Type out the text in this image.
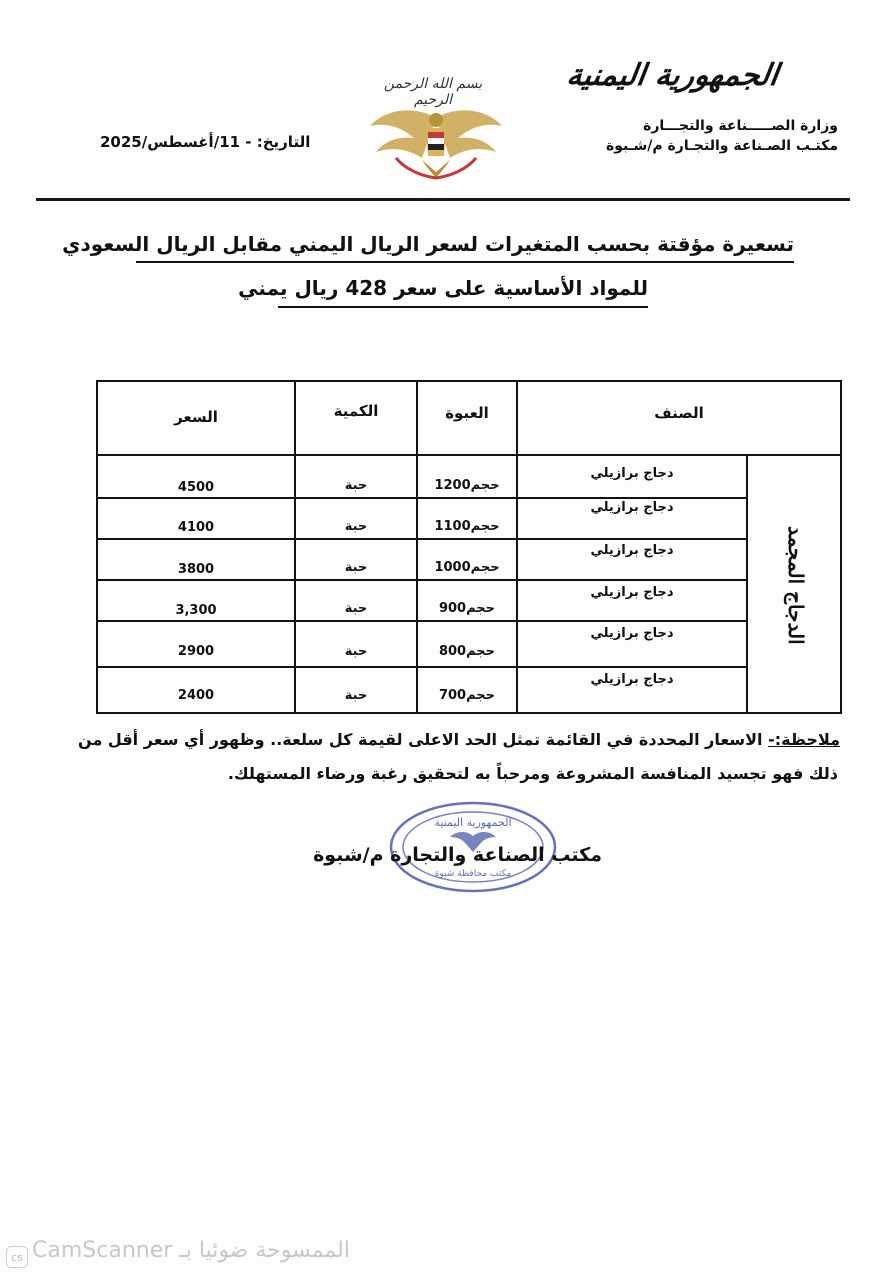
الجمهورية اليمنية
وزارة الصـــــناعة والتجـــارة
مكتـب الصـناعة والتجـارة م/شـبوة
بسم الله الرحمن الرحيم
التاريخ: - 11/أغسطس/2025
تسعيرة مؤقتة بحسب المتغيرات لسعر الريال اليمني مقابل الريال السعودي
للمواد الأساسية على سعر 428 ريال يمني
الصنف
العبوة
الكمية
السعر
الدجاج المجمد
دجاج برازيلي
حجم1200
حبة
4500
دجاج برازيلي
حجم1100
حبة
4100
دجاج برازيلي
حجم1000
حبة
3800
دجاج برازيلي
حجم900
حبة
3,300
دجاج برازيلي
حجم800
حبة
2900
دجاج برازيلي
حجم700
حبة
2400
ملاحظة:- الاسعار المحددة في القائمة تمثل الحد الاعلى لقيمة كل سلعة.. وظهور أي سعر أقل من
ذلك فهو تجسيد المنافسة المشروعة ومرحباً به لتحقيق رغبة ورضاء المستهلك.
الجمهورية اليمنية
مكتب محافظة شبوة
مكتب الصناعة والتجارة م/شبوة
cs الممسوحة ضوئيا بـ CamScanner
